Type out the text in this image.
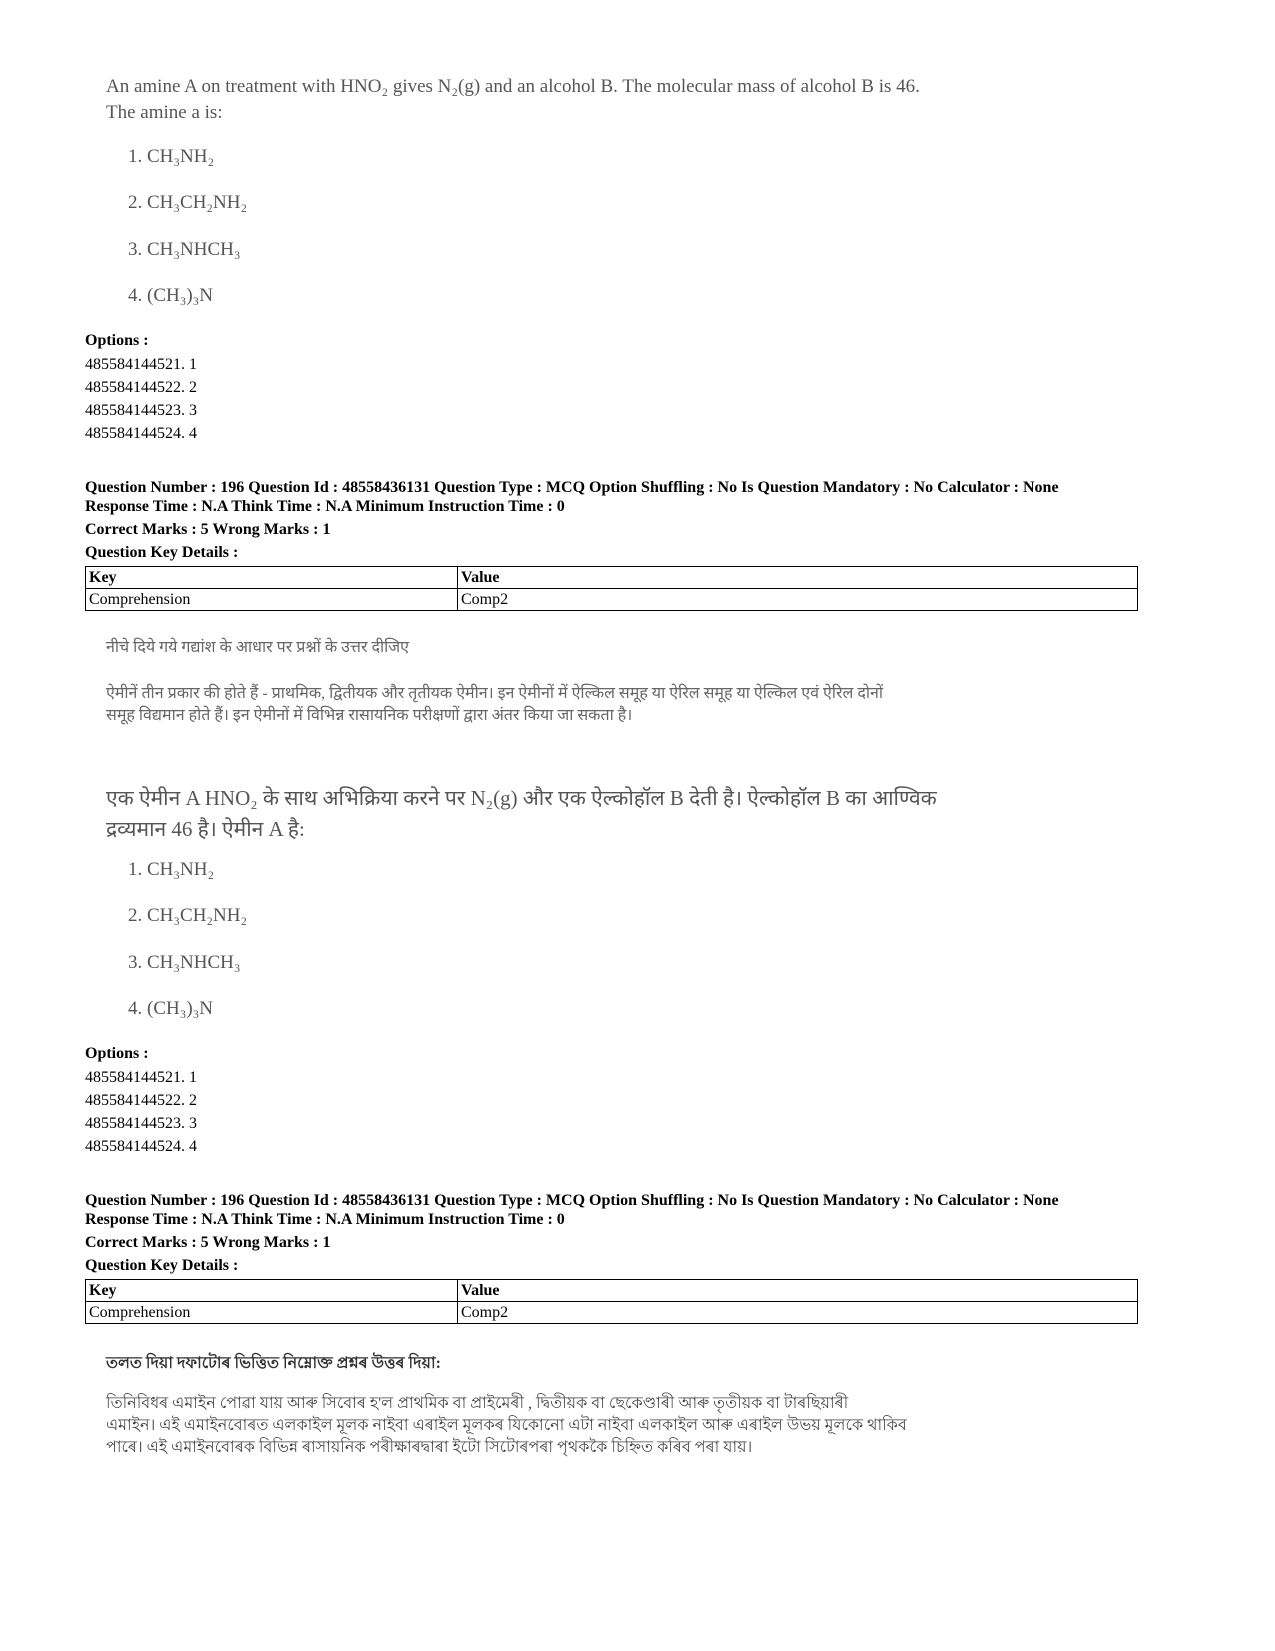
An amine A on treatment with HNO₂ gives N₂(g) and an alcohol B. The molecular mass of alcohol B is 46.
The amine a is:
1. CH₃NH₂
2. CH₃CH₂NH₂
3. CH₃NHCH₃
4. (CH₃)₃N
Options :
485584144521. 1
485584144522. 2
485584144523. 3
485584144524. 4
Question Number : 196 Question Id : 48558436131 Question Type : MCQ Option Shuffling : No Is Question Mandatory : No Calculator : None
Response Time : N.A Think Time : N.A Minimum Instruction Time : 0
Correct Marks : 5 Wrong Marks : 1
Question Key Details :
Key	Value
Comprehension	Comp2
नीचे दिये गये गद्यांश के आधार पर प्रश्नों के उत्तर दीजिए
ऐमीनें तीन प्रकार की होते हैं - प्राथमिक, द्वितीयक और तृतीयक ऐमीन। इन ऐमीनों में ऐल्किल समूह या ऐरिल समूह या ऐल्किल एवं ऐरिल दोनों
समूह विद्यमान होते हैं। इन ऐमीनों में विभिन्न रासायनिक परीक्षणों द्वारा अंतर किया जा सकता है।
एक ऐमीन A HNO₂ के साथ अभिक्रिया करने पर N₂(g) और एक ऐल्कोहॉल B देती है। ऐल्कोहॉल B का आण्विक
द्रव्यमान 46 है। ऐमीन A है:
1. CH₃NH₂
2. CH₃CH₂NH₂
3. CH₃NHCH₃
4. (CH₃)₃N
Options :
485584144521. 1
485584144522. 2
485584144523. 3
485584144524. 4
Question Number : 196 Question Id : 48558436131 Question Type : MCQ Option Shuffling : No Is Question Mandatory : No Calculator : None
Response Time : N.A Think Time : N.A Minimum Instruction Time : 0
Correct Marks : 5 Wrong Marks : 1
Question Key Details :
Key	Value
Comprehension	Comp2
তলত দিয়া দফাটোৰ ভিত্তিত নিম্নোক্ত প্ৰশ্নৰ উত্তৰ দিয়া:
তিনিবিধৰ এমাইন পোৱা যায় আৰু সিবোৰ হ'ল প্ৰাথমিক বা প্ৰাইমেৰী , দ্বিতীয়ক বা ছেকেণ্ডাৰী আৰু তৃতীয়ক বা টাৰছিয়াৰী
এমাইন। এই এমাইনবোৰত এলকাইল মূলক নাইবা এৰাইল মূলকৰ যিকোনো এটা নাইবা এলকাইল আৰু এৰাইল উভয় মূলকে থাকিব
পাৰে। এই এমাইনবোৰক বিভিন্ন ৰাসায়নিক পৰীক্ষাৰদ্বাৰা ইটো সিটোৰপৰা পৃথককৈ চিহ্নিত কৰিব পৰা যায়।
